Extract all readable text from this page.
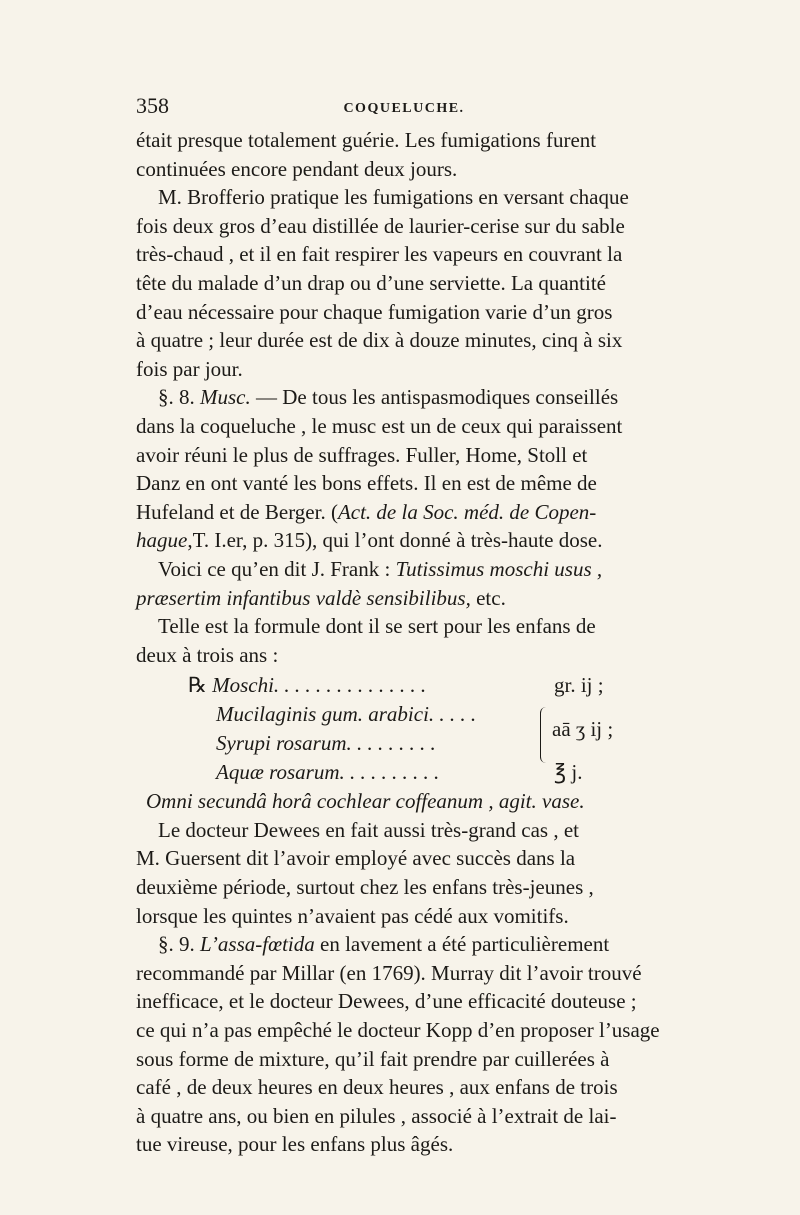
358	COQUELUCHE.

était presque totalement guérie. Les fumigations furent
continuées encore pendant deux jours.

M. Brofferio pratique les fumigations en versant chaque
fois deux gros d’eau distillée de laurier-cerise sur du sable
très-chaud , et il en fait respirer les vapeurs en couvrant la
tête du malade d’un drap ou d’une serviette. La quantité
d’eau nécessaire pour chaque fumigation varie d’un gros
à quatre ; leur durée est de dix à douze minutes, cinq à six
fois par jour.

§. 8. Musc. — De tous les antispasmodiques conseillés
dans la coqueluche , le musc est un de ceux qui paraissent
avoir réuni le plus de suffrages. Fuller, Home, Stoll et
Danz en ont vanté les bons effets. Il en est de même de
Hufeland et de Berger. (Act. de la Soc. méd. de Copen-
hague,T. I.er, p. 315), qui l’ont donné à très-haute dose.

Voici ce qu’en dit J. Frank : Tutissimus moschi usus ,
præsertim infantibus valdè sensibilibus, etc.

Telle est la formule dont il se sert pour les enfans de
deux à trois ans :

℞ Moschi. . . . . . . . . . . . . . .	gr. ij ;
Mucilaginis gum. arabici. . . . .
Syrupi rosarum. . . . . . . . .
aā ʒ ij ;
Aquæ rosarum. . . . . . . . . .	℥ j.

Omni secundâ horâ cochlear coffeanum , agit. vase.

Le docteur Dewees en fait aussi très-grand cas , et
M. Guersent dit l’avoir employé avec succès dans la
deuxième période, surtout chez les enfans très-jeunes ,
lorsque les quintes n’avaient pas cédé aux vomitifs.

§. 9. L’assa-fœtida en lavement a été particulièrement
recommandé par Millar (en 1769). Murray dit l’avoir trouvé
inefficace, et le docteur Dewees, d’une efficacité douteuse ;
ce qui n’a pas empêché le docteur Kopp d’en proposer l’usage
sous forme de mixture, qu’il fait prendre par cuillerées à
café , de deux heures en deux heures , aux enfans de trois
à quatre ans, ou bien en pilules , associé à l’extrait de lai-
tue vireuse, pour les enfans plus âgés.
